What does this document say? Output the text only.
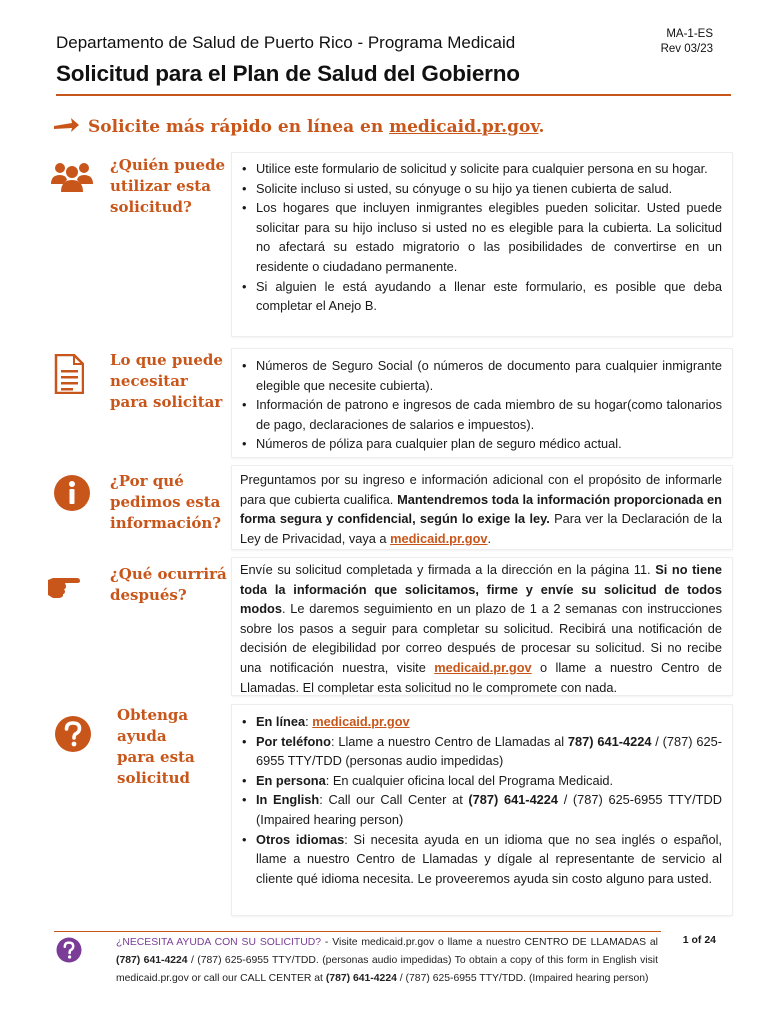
Departamento de Salud de Puerto Rico - Programa Medicaid	MA-1-ES
Rev 03/23
Solicitud para el Plan de Salud del Gobierno
Solicite más rápido en línea en medicaid.pr.gov.
¿Quién puede utilizar esta solicitud?
• Utilice este formulario de solicitud y solicite para cualquier persona en su hogar.
• Solicite incluso si usted, su cónyuge o su hijo ya tienen cubierta de salud.
• Los hogares que incluyen inmigrantes elegibles pueden solicitar. Usted puede solicitar para su hijo incluso si usted no es elegible para la cubierta. La solicitud no afectará su estado migratorio o las posibilidades de convertirse en un residente o ciudadano permanente.
• Si alguien le está ayudando a llenar este formulario, es posible que deba completar el Anejo B.
Lo que puede necesitar para solicitar
• Números de Seguro Social (o números de documento para cualquier inmigrante elegible que necesite cubierta).
• Información de patrono e ingresos de cada miembro de su hogar(como talonarios de pago, declaraciones de salarios e impuestos).
• Números de póliza para cualquier plan de seguro médico actual.
¿Por qué pedimos esta información?

Preguntamos por su ingreso e información adicional con el propósito de informarle para que cubierta cualifica. Mantendremos toda la información proporcionada en forma segura y confidencial, según lo exige la ley. Para ver la Declaración de la Ley de Privacidad, vaya a medicaid.pr.gov.

¿Qué ocurrirá después?

Envíe su solicitud completada y firmada a la dirección en la página 11. Si no tiene toda la información que solicitamos, firme y envíe su solicitud de todos modos. Le daremos seguimiento en un plazo de 1 a 2 semanas con instrucciones sobre los pasos a seguir para completar su solicitud. Recibirá una notificación de decisión de elegibilidad por correo después de procesar su solicitud. Si no recibe una notificación nuestra, visite medicaid.pr.gov o llame a nuestro Centro de Llamadas. El completar esta solicitud no le compromete con nada.

Obtenga ayuda para esta solicitud
• En línea: medicaid.pr.gov
• Por teléfono: Llame a nuestro Centro de Llamadas al 787) 641-4224 / (787) 625-6955 TTY/TDD (personas audio impedidas)
• En persona: En cualquier oficina local del Programa Medicaid.
• In English: Call our Call Center at (787) 641-4224 / (787) 625-6955 TTY/TDD (Impaired hearing person)
• Otros idiomas: Si necesita ayuda en un idioma que no sea inglés o español, llame a nuestro Centro de Llamadas y dígale al representante de servicio al cliente qué idioma necesita. Le proveeremos ayuda sin costo alguno para usted.
¿NECESITA AYUDA CON SU SOLICITUD? - Visite medicaid.pr.gov o llame a nuestro CENTRO DE LLAMADAS al (787) 641-4224 / (787) 625-6955 TTY/TDD. (personas audio impedidas) To obtain a copy of this form in English visit medicaid.pr.gov or call our CALL CENTER at (787) 641-4224 / (787) 625-6955 TTY/TDD. (Impaired hearing person)
1 of 24
